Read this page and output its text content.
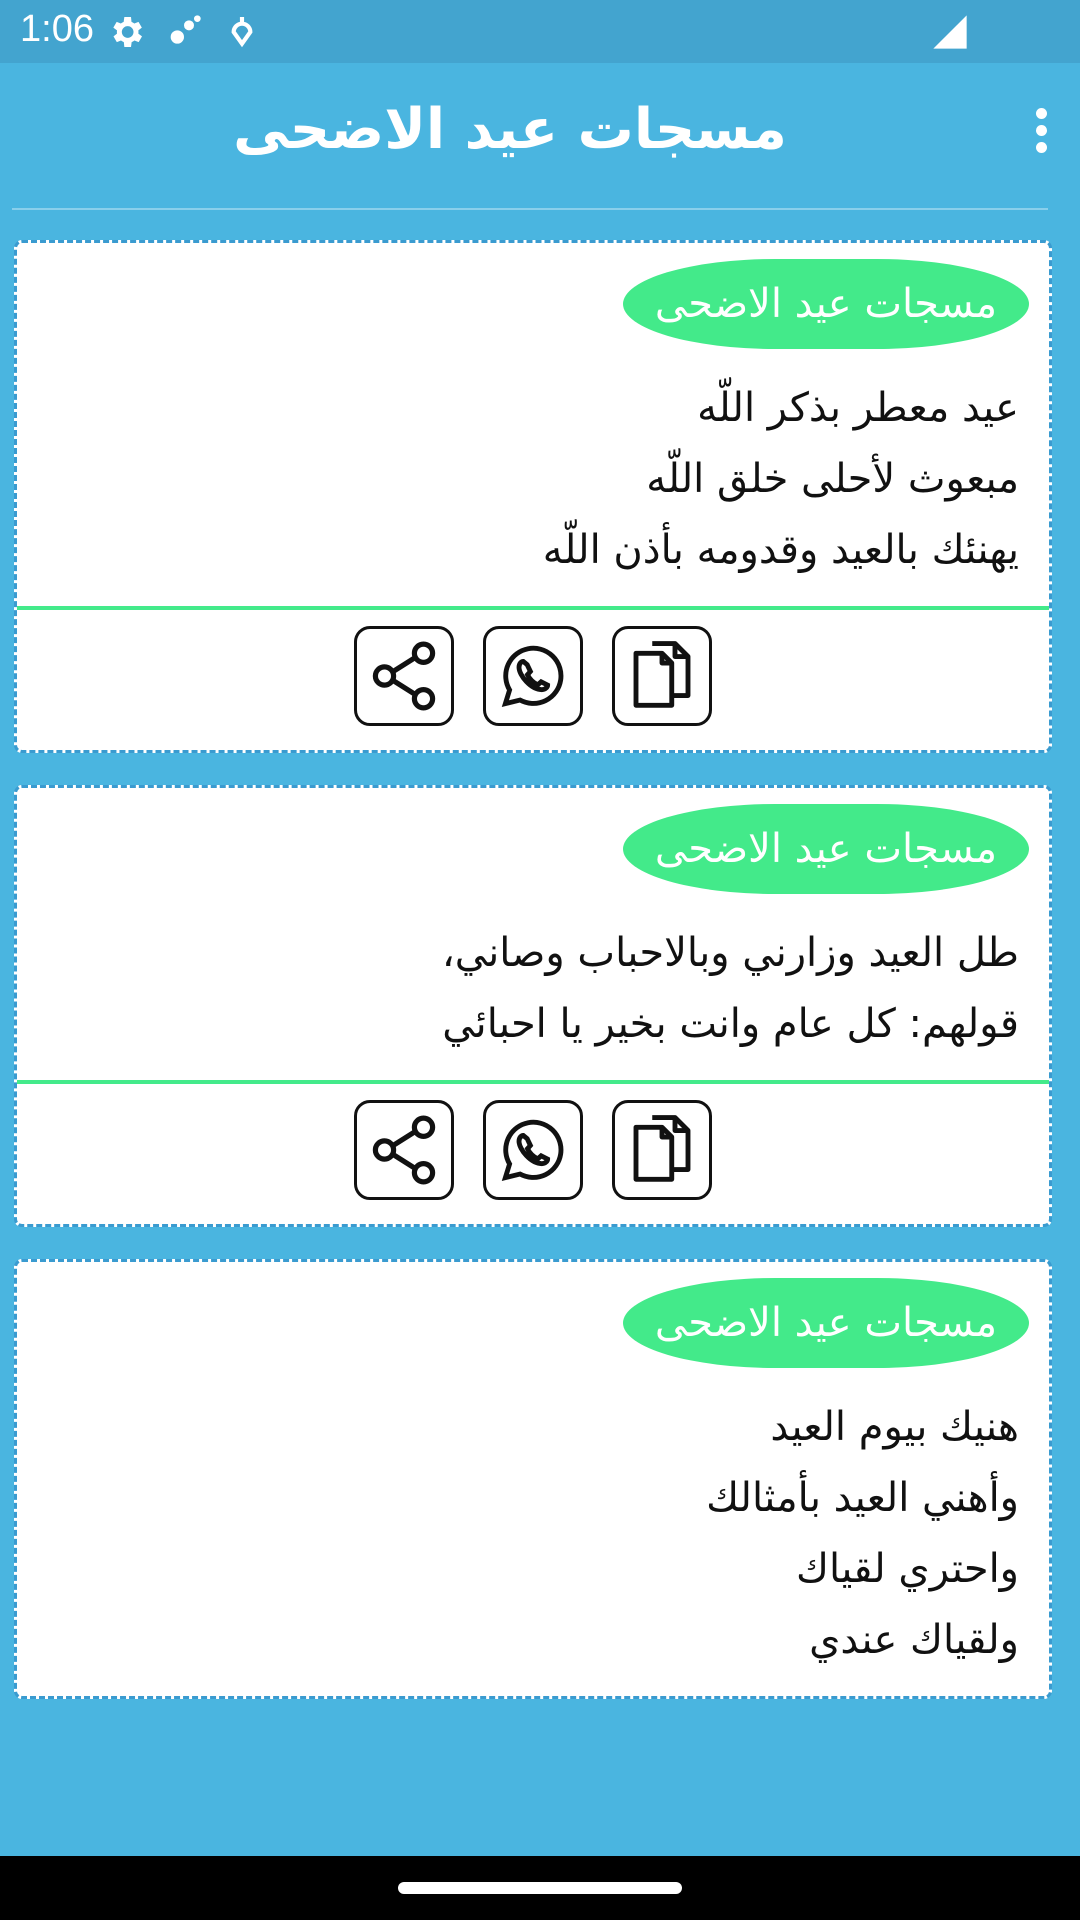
1:06
مسجات عيد الاضحى
مسجات عيد الاضحى
عيد معطر بذكر اللّه
مبعوث لأحلى خلق اللّه
يهنئك بالعيد وقدومه بأذن اللّه
مسجات عيد الاضحى
طل العيد وزارني وبالاحباب وصاني،
قولهم: كل عام وانت بخير يا احبائي
مسجات عيد الاضحى
هنيك بيوم العيد
وأهني العيد بأمثالك
واحتري لقياك
ولقياك عندي
